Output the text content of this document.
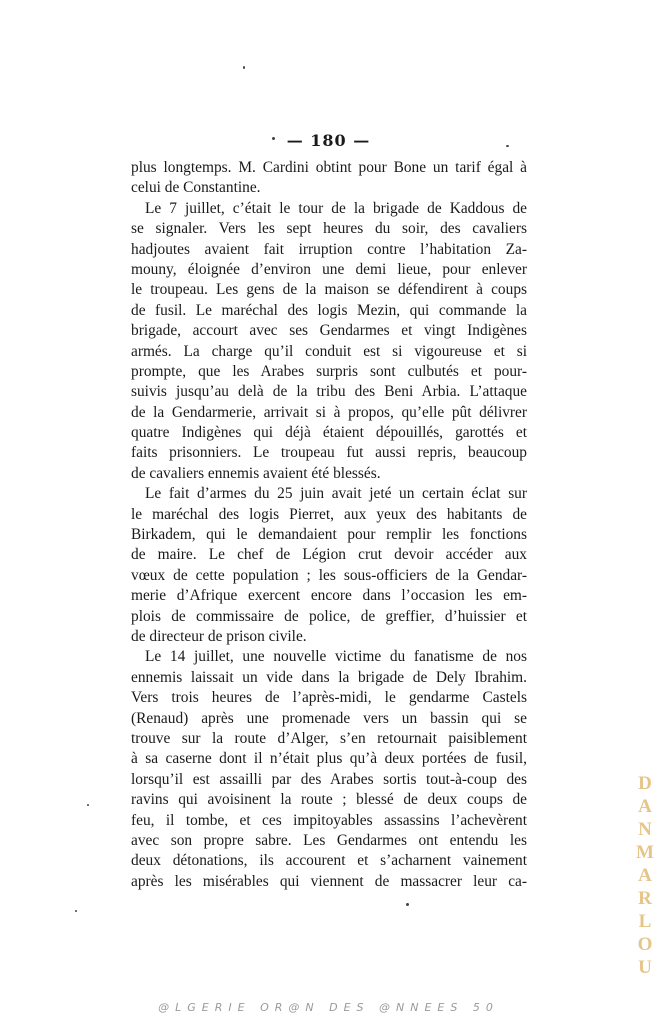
— 180 —
plus longtemps. M. Cardini obtint pour Bone un tarif égal à
celui de Constantine.
Le 7 juillet, c’était le tour de la brigade de Kaddous de
se signaler. Vers les sept heures du soir, des cavaliers
hadjoutes avaient fait irruption contre l’habitation Za-
mouny, éloignée d’environ une demi lieue, pour enlever
le troupeau. Les gens de la maison se défendirent à coups
de fusil. Le maréchal des logis Mezin, qui commande la
brigade, accourt avec ses Gendarmes et vingt Indigènes
armés. La charge qu’il conduit est si vigoureuse et si
prompte, que les Arabes surpris sont culbutés et pour-
suivis jusqu’au delà de la tribu des Beni Arbia. L’attaque
de la Gendarmerie, arrivait si à propos, qu’elle pût délivrer
quatre Indigènes qui déjà étaient dépouillés, garottés et
faits prisonniers. Le troupeau fut aussi repris, beaucoup
de cavaliers ennemis avaient été blessés.
Le fait d’armes du 25 juin avait jeté un certain éclat sur
le maréchal des logis Pierret, aux yeux des habitants de
Birkadem, qui le demandaient pour remplir les fonctions
de maire. Le chef de Légion crut devoir accéder aux
vœux de cette population ; les sous-officiers de la Gendar-
merie d’Afrique exercent encore dans l’occasion les em-
plois de commissaire de police, de greffier, d’huissier et
de directeur de prison civile.
Le 14 juillet, une nouvelle victime du fanatisme de nos
ennemis laissait un vide dans la brigade de Dely Ibrahim.
Vers trois heures de l’après-midi, le gendarme Castels
(Renaud) après une promenade vers un bassin qui se
trouve sur la route d’Alger, s’en retournait paisiblement
à sa caserne dont il n’était plus qu’à deux portées de fusil,
lorsqu’il est assailli par des Arabes sortis tout-à-coup des
ravins qui avoisinent la route ; blessé de deux coups de
feu, il tombe, et ces impitoyables assassins l’achevèrent
avec son propre sabre. Les Gendarmes ont entendu les
deux détonations, ils accourent et s’acharnent vainement
après les misérables qui viennent de massacrer leur ca-
D
A
N
M
A
R
L
O
U
@LGERIE OR@N DES @NNEES 50
